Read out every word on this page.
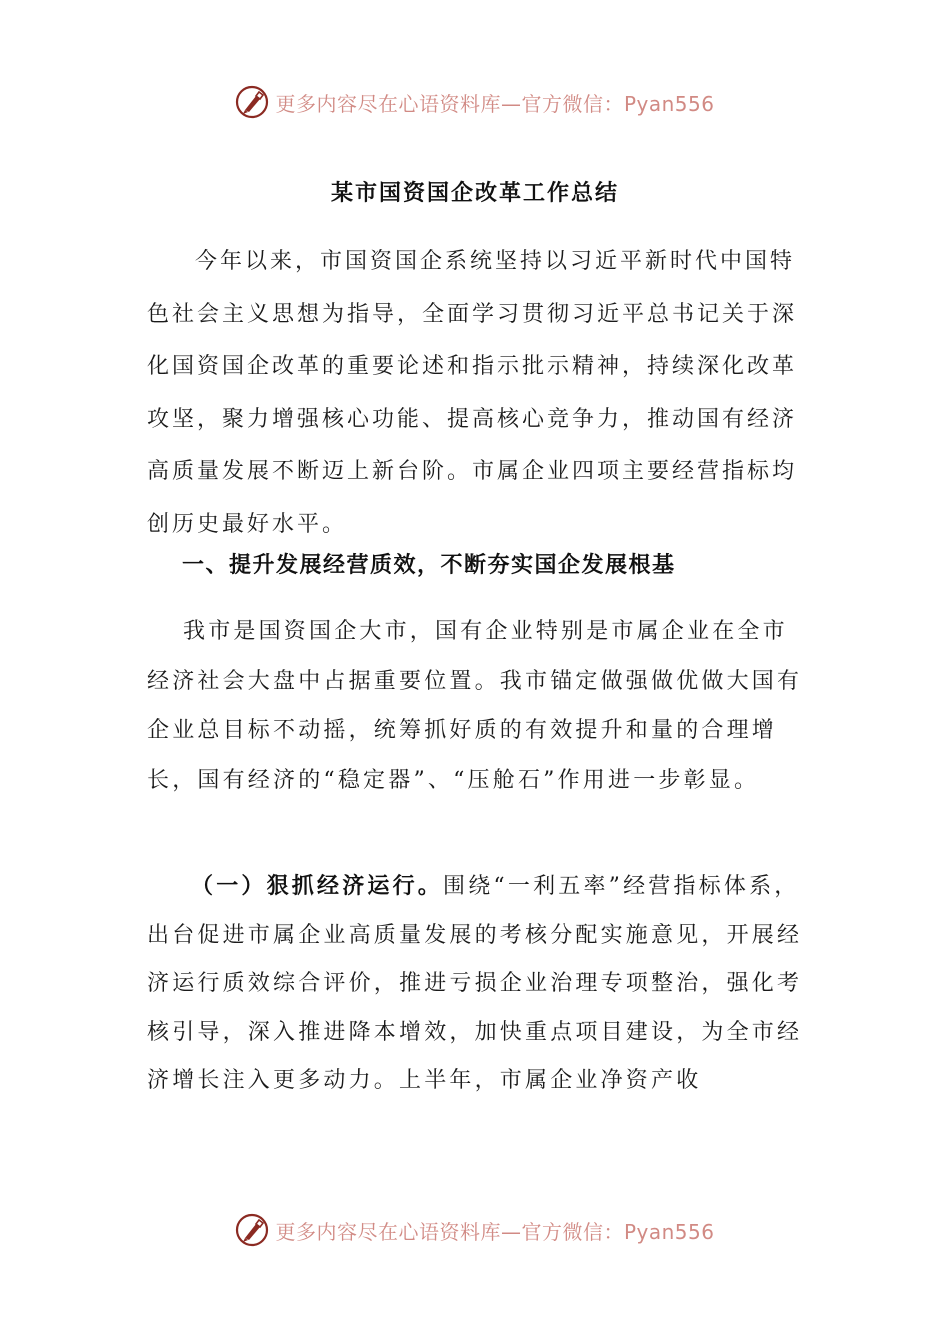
更多内容尽在心语资料库—官方微信：Pyan556
某市国资国企改革工作总结

今年以来，市国资国企系统坚持以习近平新时代中国特色社会主义思想为指导，全面学习贯彻习近平总书记关于深化国资国企改革的重要论述和指示批示精神，持续深化改革攻坚，聚力增强核心功能、提高核心竞争力，推动国有经济高质量发展不断迈上新台阶。市属企业四项主要经营指标均创历史最好水平。

一、提升发展经营质效，不断夯实国企发展根基

我市是国资国企大市，国有企业特别是市属企业在全市经济社会大盘中占据重要位置。我市锚定做强做优做大国有企业总目标不动摇，统筹抓好质的有效提升和量的合理增长，国有经济的“稳定器”、“压舱石”作用进一步彰显。

（一）狠抓经济运行。围绕“一利五率”经营指标体系，出台促进市属企业高质量发展的考核分配实施意见，开展经济运行质效综合评价，推进亏损企业治理专项整治，强化考核引导，深入推进降本增效，加快重点项目建设，为全市经济增长注入更多动力。上半年，市属企业净资产收

更多内容尽在心语资料库—官方微信：Pyan556
